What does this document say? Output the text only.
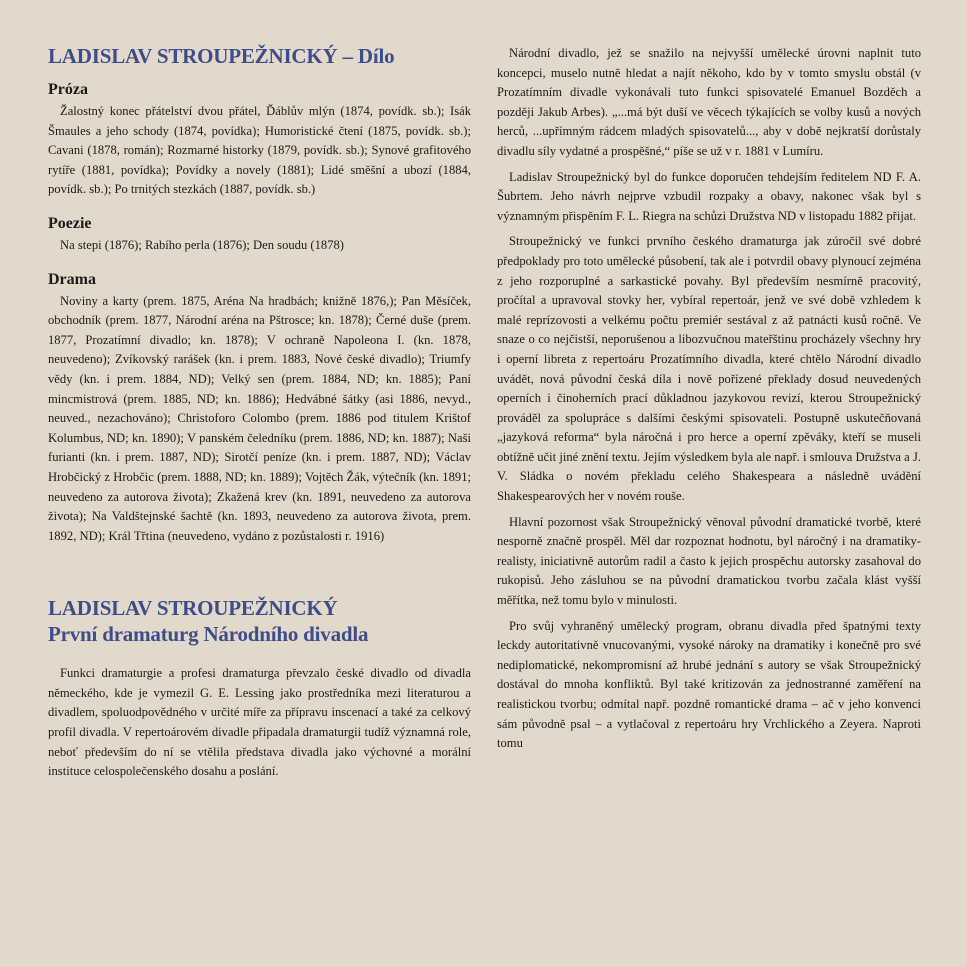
LADISLAV STROUPEŽNICKÝ – Dílo
Próza

Žalostný konec přátelství dvou přátel, Ďáblův mlýn (1874, povídk. sb.); Isák Šmaules a jeho schody (1874, povídka); Humoristické čtení (1875, povídk. sb.); Cavani (1878, román); Rozmarné historky (1879, povídk. sb.); Synové grafitového rytíře (1881, povídka); Povídky a novely (1881); Lidé směšní a ubozí (1884, povídk. sb.); Po trnitých stezkách (1887, povídk. sb.)

Poezie

Na stepi (1876); Rabího perla (1876); Den soudu (1878)

Drama

Noviny a karty (prem. 1875, Aréna Na hradbách; knižně 1876,); Pan Měsíček, obchodník (prem. 1877, Národní aréna na Pštrosce; kn. 1878); Černé duše (prem. 1877, Prozatímní divadlo; kn. 1878); V ochraně Napoleona I. (kn. 1878, neuvedeno); Zvíkovský rarášek (kn. i prem. 1883, Nové české divadlo); Triumfy vědy (kn. i prem. 1884, ND); Velký sen (prem. 1884, ND; kn. 1885); Paní mincmistrová (prem. 1885, ND; kn. 1886); Hedvábné šátky (asi 1886, nevyd., neuved., nezachováno); Christoforo Colombo (prem. 1886 pod titulem Krištof Kolumbus, ND; kn. 1890); V panském čeledníku (prem. 1886, ND; kn. 1887); Naši furianti (kn. i prem. 1887, ND); Sirotčí peníze (kn. i prem. 1887, ND); Václav Hrobčický z Hrobčic (prem. 1888, ND; kn. 1889); Vojtěch Žák, výtečník (kn. 1891; neuvedeno za autorova života); Zkažená krev (kn. 1891, neuvedeno za autorova života); Na Valdštejnské šachtě (kn. 1893, neuvedeno za autorova života, prem. 1892, ND); Král Třtina (neuvedeno, vydáno z pozůstalosti r. 1916)

LADISLAV STROUPEŽNICKÝ
První dramaturg Národního divadla

Funkci dramaturgie a profesi dramaturga převzalo české divadlo od divadla německého, kde je vymezil G. E. Lessing jako prostředníka mezi literaturou a divadlem, spoluodpovědného v určité míře za přípravu inscenací a také za celkový profil divadla. V repertoárovém divadle připadala dramaturgii tudíž významná role, neboť především do ní se vtělila představa divadla jako výchovné a morální instituce celospolečenského dosahu a poslání.

Národní divadlo, jež se snažilo na nejvyšší umělecké úrovni naplnit tuto koncepci, muselo nutně hledat a najít někoho, kdo by v tomto smyslu obstál (v Prozatímním divadle vykonávali tuto funkci spisovatelé Emanuel Bozděch a později Jakub Arbes). „...má být duší ve věcech týkajících se volby kusů a nových herců, ...upřímným rádcem mladých spisovatelů..., aby v době nejkratší dorůstaly divadlu síly vydatné a prospěšné,“ píše se už v r. 1881 v Lumíru.

Ladislav Stroupežnický byl do funkce doporučen tehdejším ředitelem ND F. A. Šubrtem. Jeho návrh nejprve vzbudil rozpaky a obavy, nakonec však byl s významným přispěním F. L. Riegra na schůzi Družstva ND v listopadu 1882 přijat.

Stroupežnický ve funkci prvního českého dramaturga jak zúročil své dobré předpoklady pro toto umělecké působení, tak ale i potvrdil obavy plynoucí zejména z jeho rozporuplné a sarkastické povahy. Byl především nesmírně pracovitý, pročítal a upravoval stovky her, vybíral repertoár, jenž ve své době vzhledem k malé reprízovosti a velkému počtu premiér sestával z až patnácti kusů ročně. Ve snaze o co nejčistší, neporušenou a libozvučnou mateřštinu procházely všechny hry i operní libreta z repertoáru Prozatímního divadla, které chtělo Národní divadlo uvádět, nová původní česká díla i nově pořízené překlady dosud neuvedených operních i činoherních prací důkladnou jazykovou revizí, kterou Stroupežnický prováděl za spolupráce s dalšími českými spisovateli. Postupně uskutečňovaná „jazyková reforma“ byla náročná i pro herce a operní zpěváky, kteří se museli obtížně učit jiné znění textu. Jejím výsledkem byla ale např. i smlouva Družstva a J. V. Sládka o novém překladu celého Shakespeara a následně uvádění Shakespearových her v novém rouše.

Hlavní pozornost však Stroupežnický věnoval původní dramatické tvorbě, které nesporně značně prospěl. Měl dar rozpoznat hodnotu, byl náročný i na dramatiky-realisty, iniciativně autorům radil a často k jejich prospěchu autorsky zasahoval do rukopisů. Jeho zásluhou se na původní dramatickou tvorbu začala klást vyšší měřítka, než tomu bylo v minulosti.

Pro svůj vyhraněný umělecký program, obranu divadla před špatnými texty leckdy autoritativně vnucovanými, vysoké nároky na dramatiky i konečně pro své nediplomatické, nekompromisní až hrubé jednání s autory se však Stroupežnický dostával do mnoha konfliktů. Byl také kritizován za jednostranné zaměření na realistickou tvorbu; odmítal např. pozdně romantické drama – ač v jeho konvenci sám původně psal – a vytlačoval z repertoáru hry Vrchlického a Zeyera. Naproti tomu
